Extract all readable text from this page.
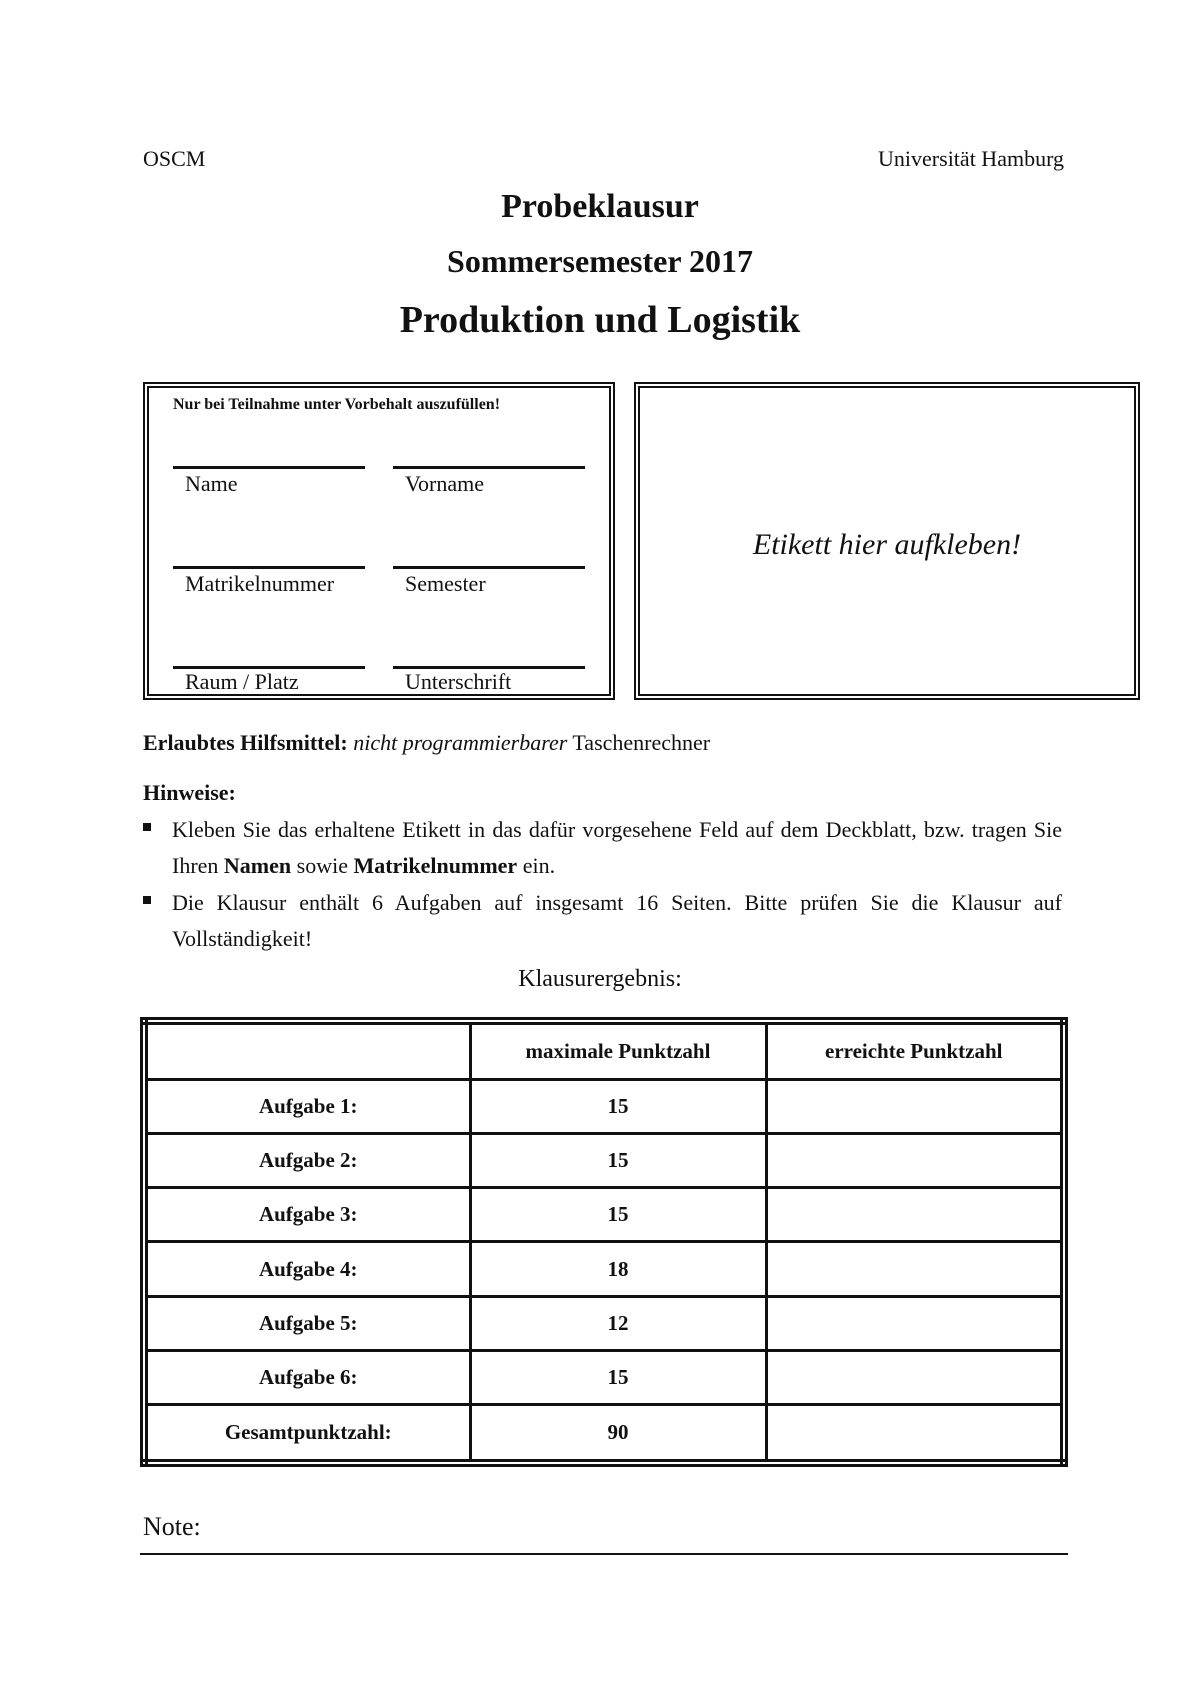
OSCM	Universität Hamburg
Probeklausur
Sommersemester 2017
Produktion und Logistik
Nur bei Teilnahme unter Vorbehalt auszufüllen!
Name	Vorname
Matrikelnummer	Semester
Raum / Platz	Unterschrift
Etikett hier aufkleben!
Erlaubtes Hilfsmittel: nicht programmierbarer Taschenrechner
Hinweise:
Kleben Sie das erhaltene Etikett in das dafür vorgesehene Feld auf dem Deckblatt, bzw. tragen Sie Ihren Namen sowie Matrikelnummer ein.
Die Klausur enthält 6 Aufgaben auf insgesamt 16 Seiten. Bitte prüfen Sie die Klausur auf Vollständigkeit!
Klausurergebnis:
	maximale Punktzahl	erreichte Punktzahl
Aufgabe 1:	15	
Aufgabe 2:	15	
Aufgabe 3:	15	
Aufgabe 4:	18	
Aufgabe 5:	12	
Aufgabe 6:	15	
Gesamtpunktzahl:	90	
Note:
